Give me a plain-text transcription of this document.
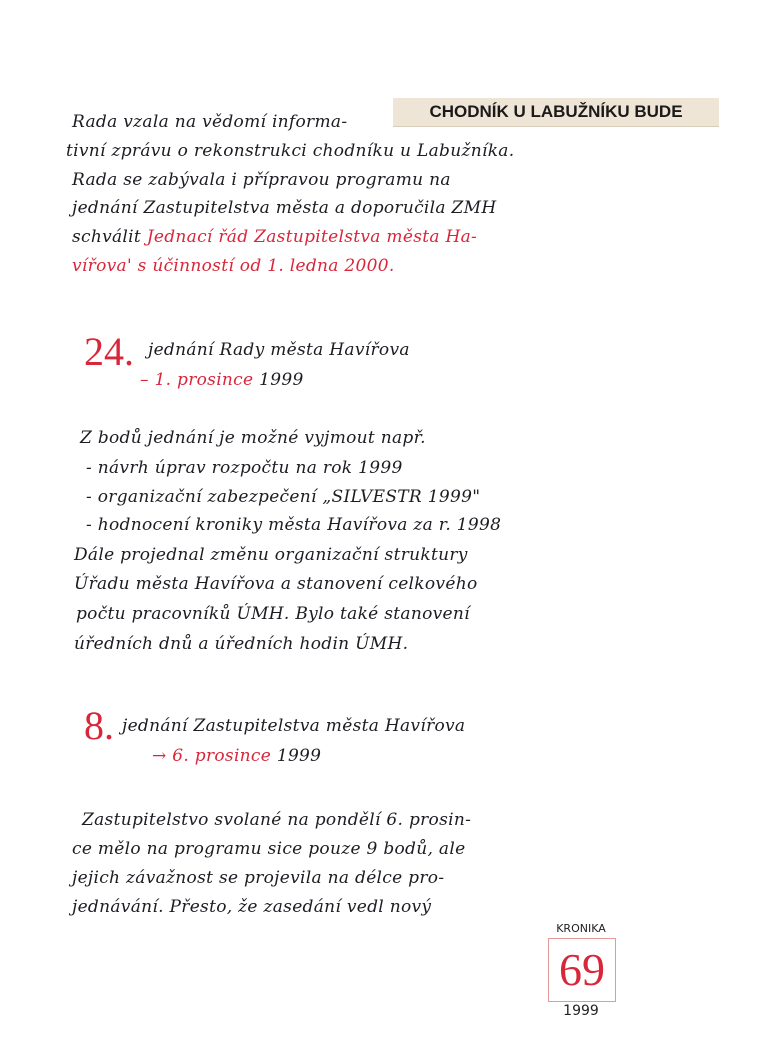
CHODNÍK U LABUŽNÍKU BUDE
Rada vzala na vědomí informa-
tivní zprávu o rekonstrukci chodníku u Labužníka.
Rada se zabývala i přípravou programu na
jednání Zastupitelstva města a doporučila ZMH
schválit Jednací řád Zastupitelstva města Ha-
vířova' s účinností od 1. ledna 2000.
24. jednání Rady města Havířova
– 1. prosince 1999
Z bodů jednání je možné vyjmout např.
- návrh úprav rozpočtu na rok 1999
- organizační zabezpečení „SILVESTR 1999"
- hodnocení kroniky města Havířova za r. 1998
Dále projednal změnu organizační struktury
Úřadu města Havířova a stanovení celkového
počtu pracovníků ÚMH. Bylo také stanovení
úředních dnů a úředních hodin ÚMH.
8. jednání Zastupitelstva města Havířova
→ 6. prosince 1999
Zastupitelstvo svolané na pondělí 6. prosin-
ce mělo na programu sice pouze 9 bodů, ale
jejich závažnost se projevila na délce pro-
jednávání. Přesto, že zasedání vedl nový
KRONIKA
69
1999
